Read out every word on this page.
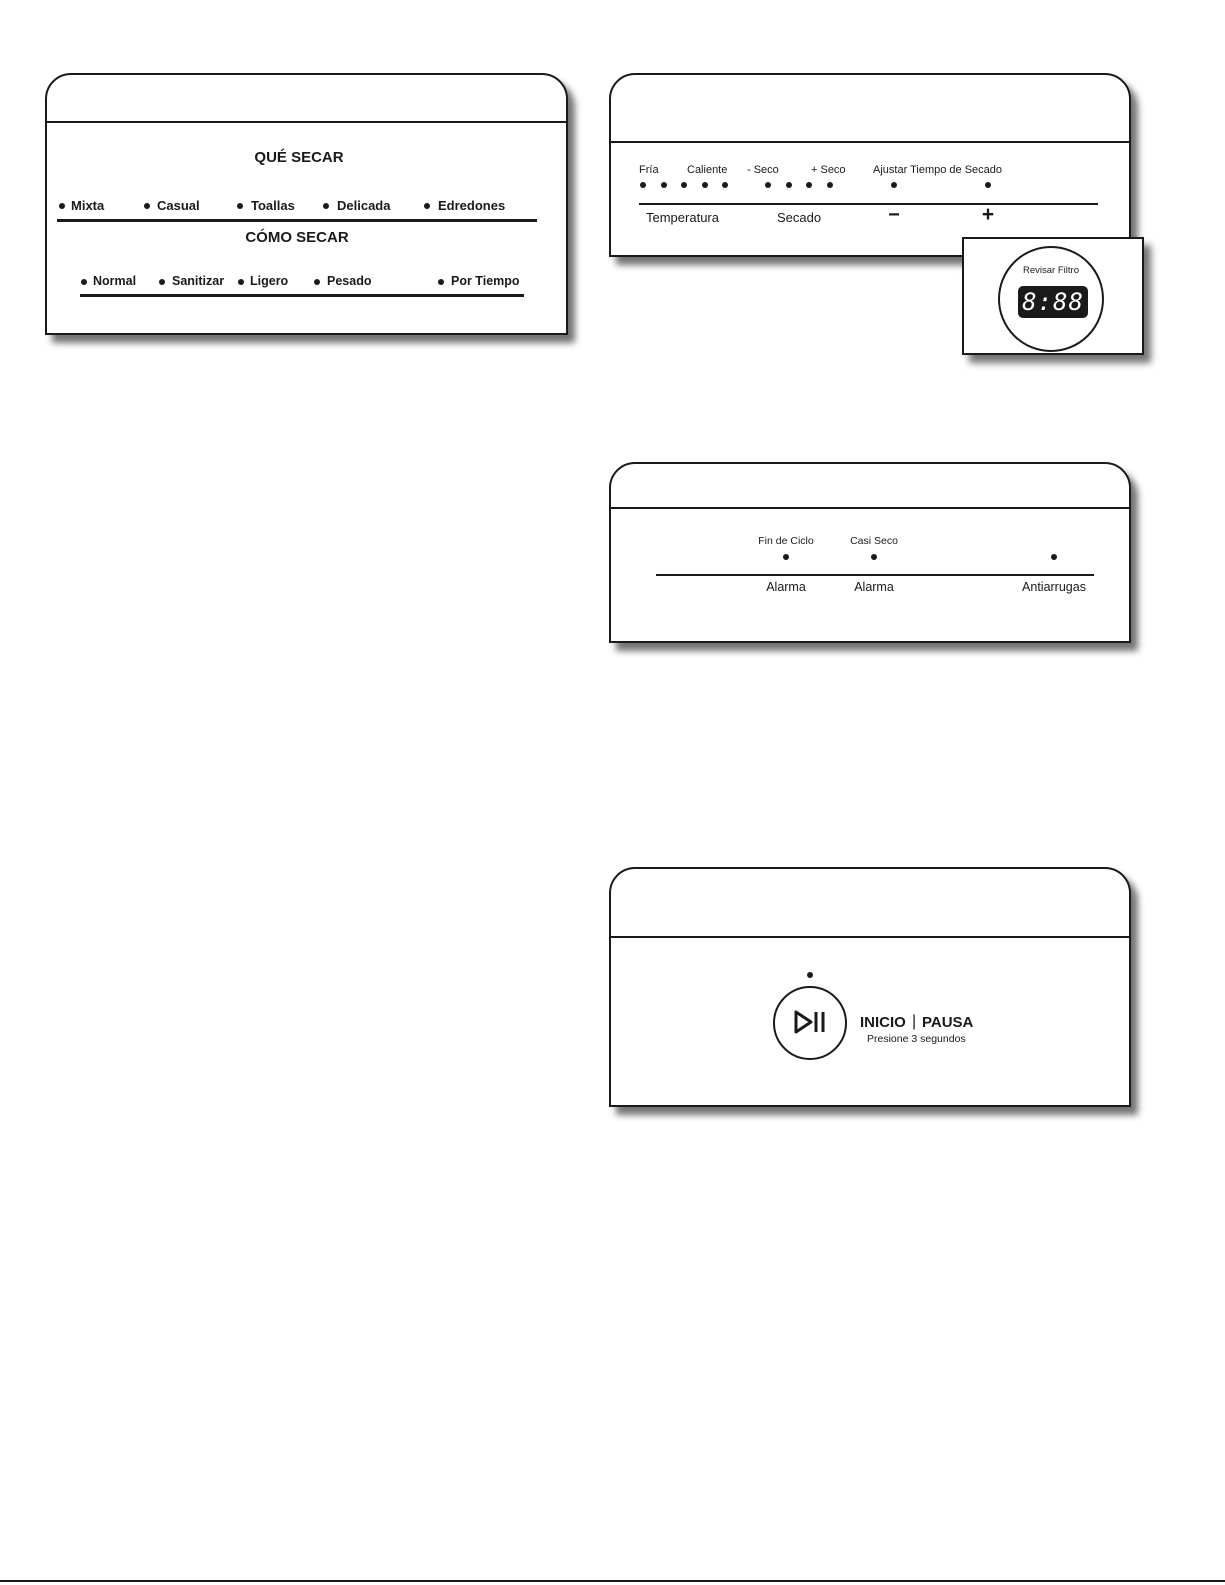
QUÉ SECAR
Mixta	Casual	Toallas	Delicada	Edredones
CÓMO SECAR
Normal	Sanitizar Ligero	Pesado	Por Tiempo
Fría	Caliente - Seco	+ Seco Ajustar Tiempo de Secado
Temperatura	Secado	−	+
Revisar Filtro
8:88
Fin de Ciclo	Casi Seco
Alarma	Alarma	Antiarrugas
INICIO | PAUSA
Presione 3 segundos
